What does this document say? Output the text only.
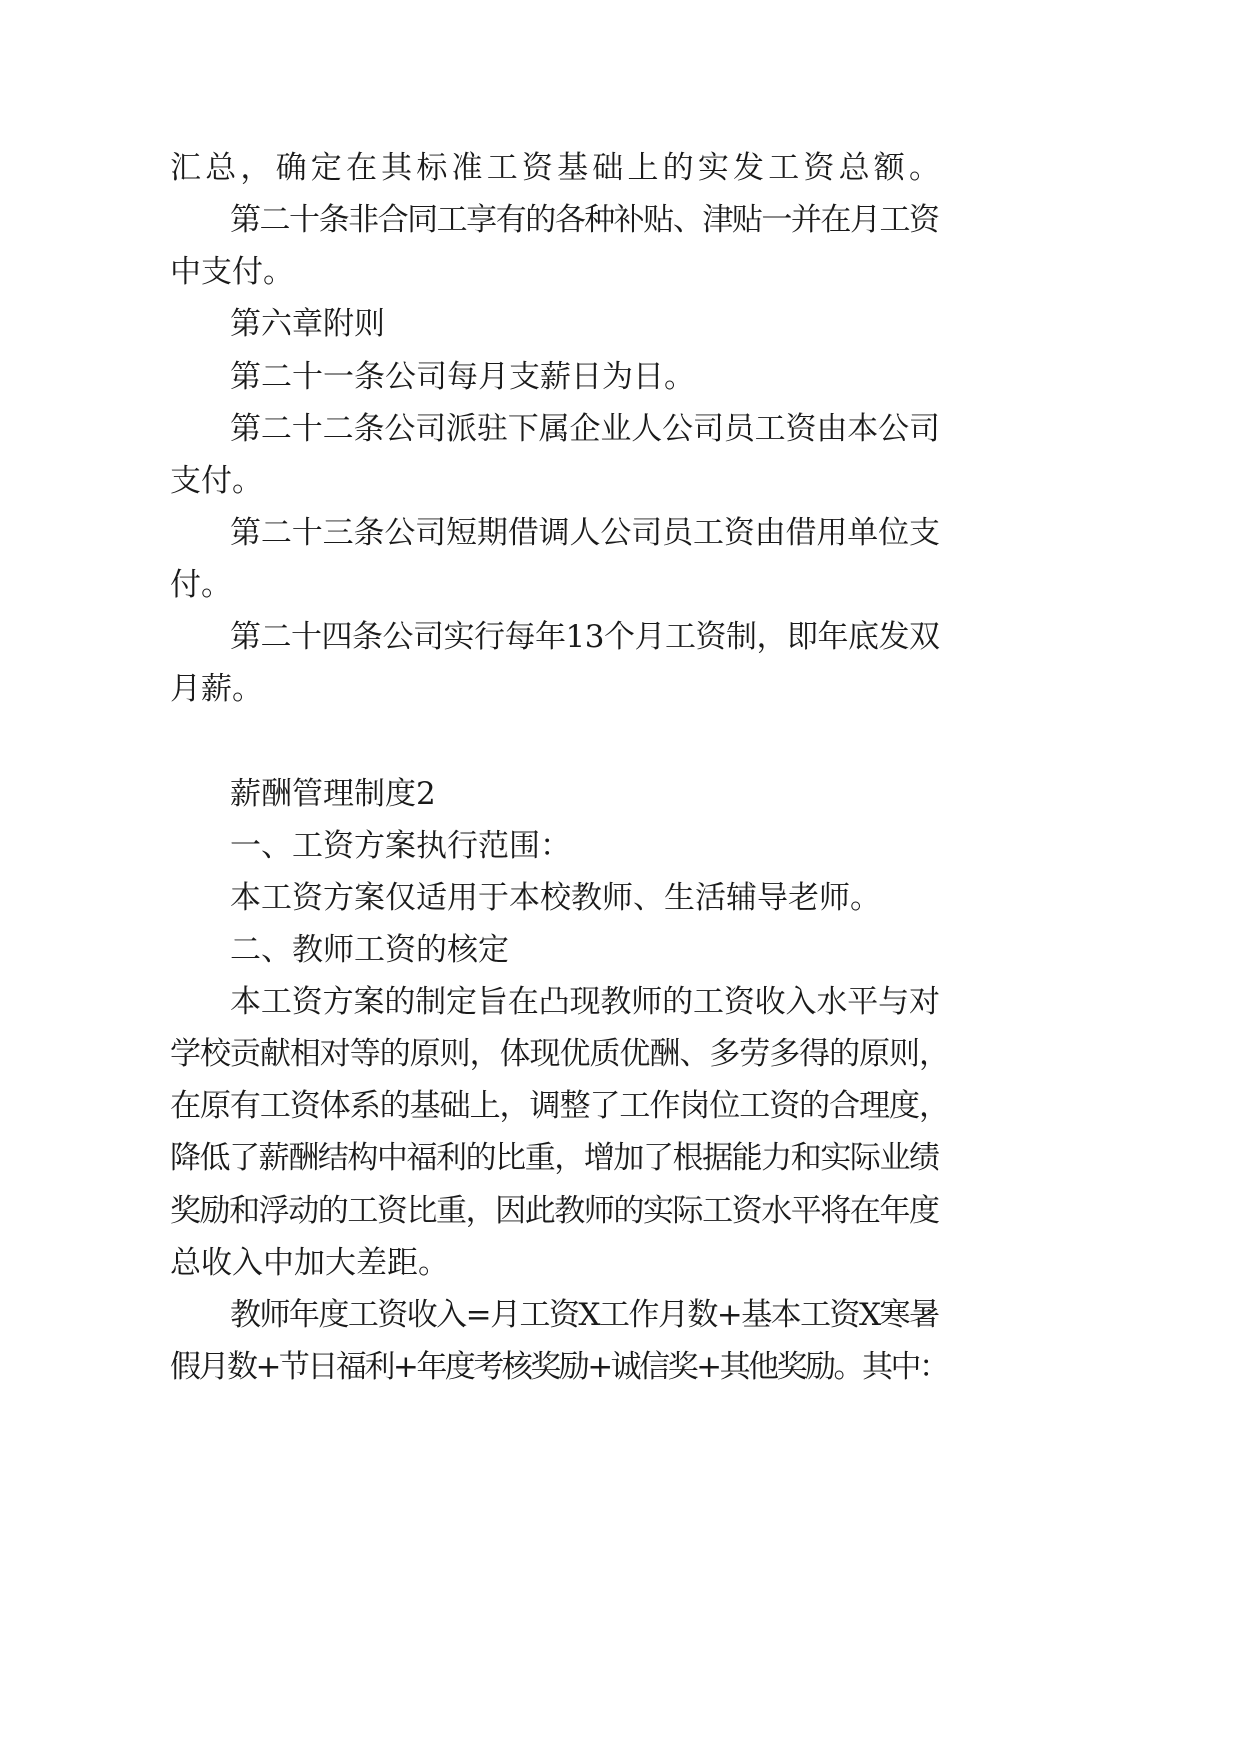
汇总，确定在其标准工资基础上的实发工资总额。
第二十条非合同工享有的各种补贴、津贴一并在月工资
中支付。
第六章附则
第二十一条公司每月支薪日为日。
第二十二条公司派驻下属企业人公司员工资由本公司
支付。
第二十三条公司短期借调人公司员工资由借用单位支
付。
第二十四条公司实行每年13个月工资制，即年底发双
月薪。
薪酬管理制度2
一、工资方案执行范围：
本工资方案仅适用于本校教师、生活辅导老师。
二、教师工资的核定
本工资方案的制定旨在凸现教师的工资收入水平与对
学校贡献相对等的原则，体现优质优酬、多劳多得的原则，
在原有工资体系的基础上，调整了工作岗位工资的合理度，
降低了薪酬结构中福利的比重，增加了根据能力和实际业绩
奖励和浮动的工资比重，因此教师的实际工资水平将在年度
总收入中加大差距。
教师年度工资收入=月工资X工作月数+基本工资X寒暑
假月数+节日福利+年度考核奖励+诚信奖+其他奖励。其中：
